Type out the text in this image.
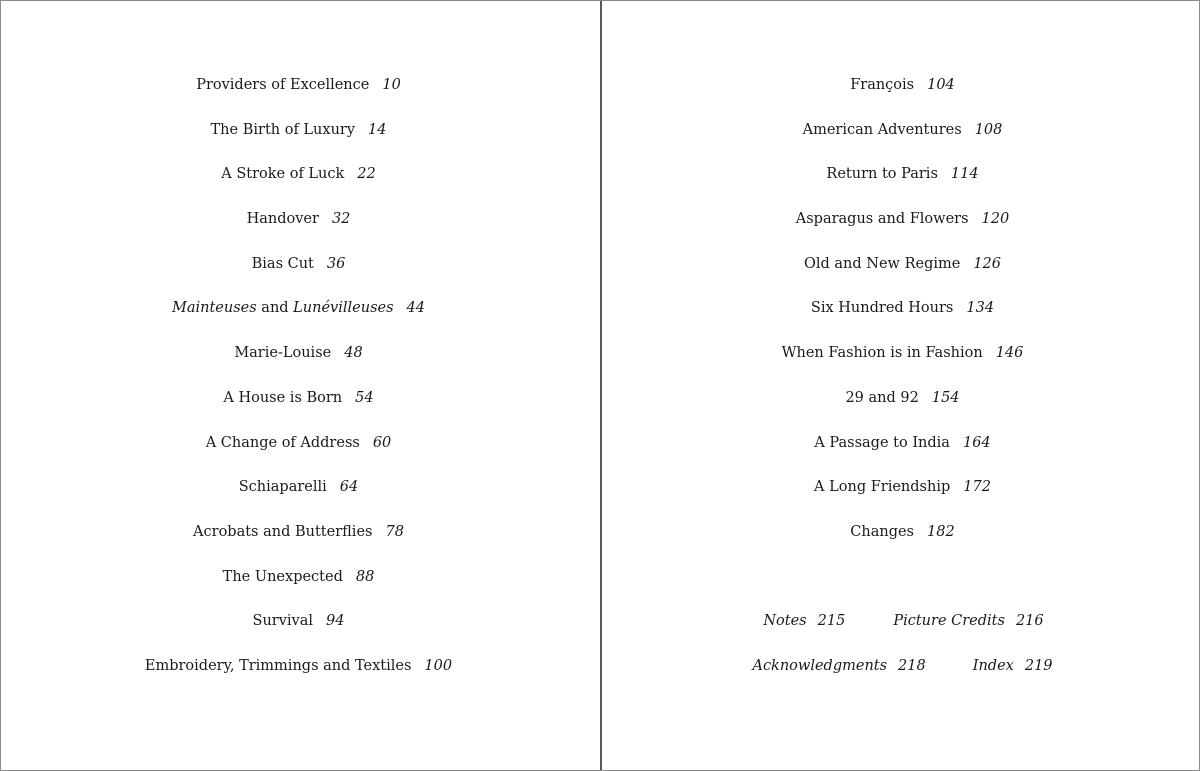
Providers of Excellence 10
The Birth of Luxury 14
A Stroke of Luck 22
Handover 32
Bias Cut 36
Mainteuses and Lunévilleuses 44
Marie-Louise 48
A House is Born 54
A Change of Address 60
Schiaparelli 64
Acrobats and Butterflies 78
The Unexpected 88
Survival 94
Embroidery, Trimmings and Textiles 100
François 104
American Adventures 108
Return to Paris 114
Asparagus and Flowers 120
Old and New Regime 126
Six Hundred Hours 134
When Fashion is in Fashion 146
29 and 92 154
A Passage to India 164
A Long Friendship 172
Changes 182
Notes 215	Picture Credits 216
Acknowledgments 218	Index 219
